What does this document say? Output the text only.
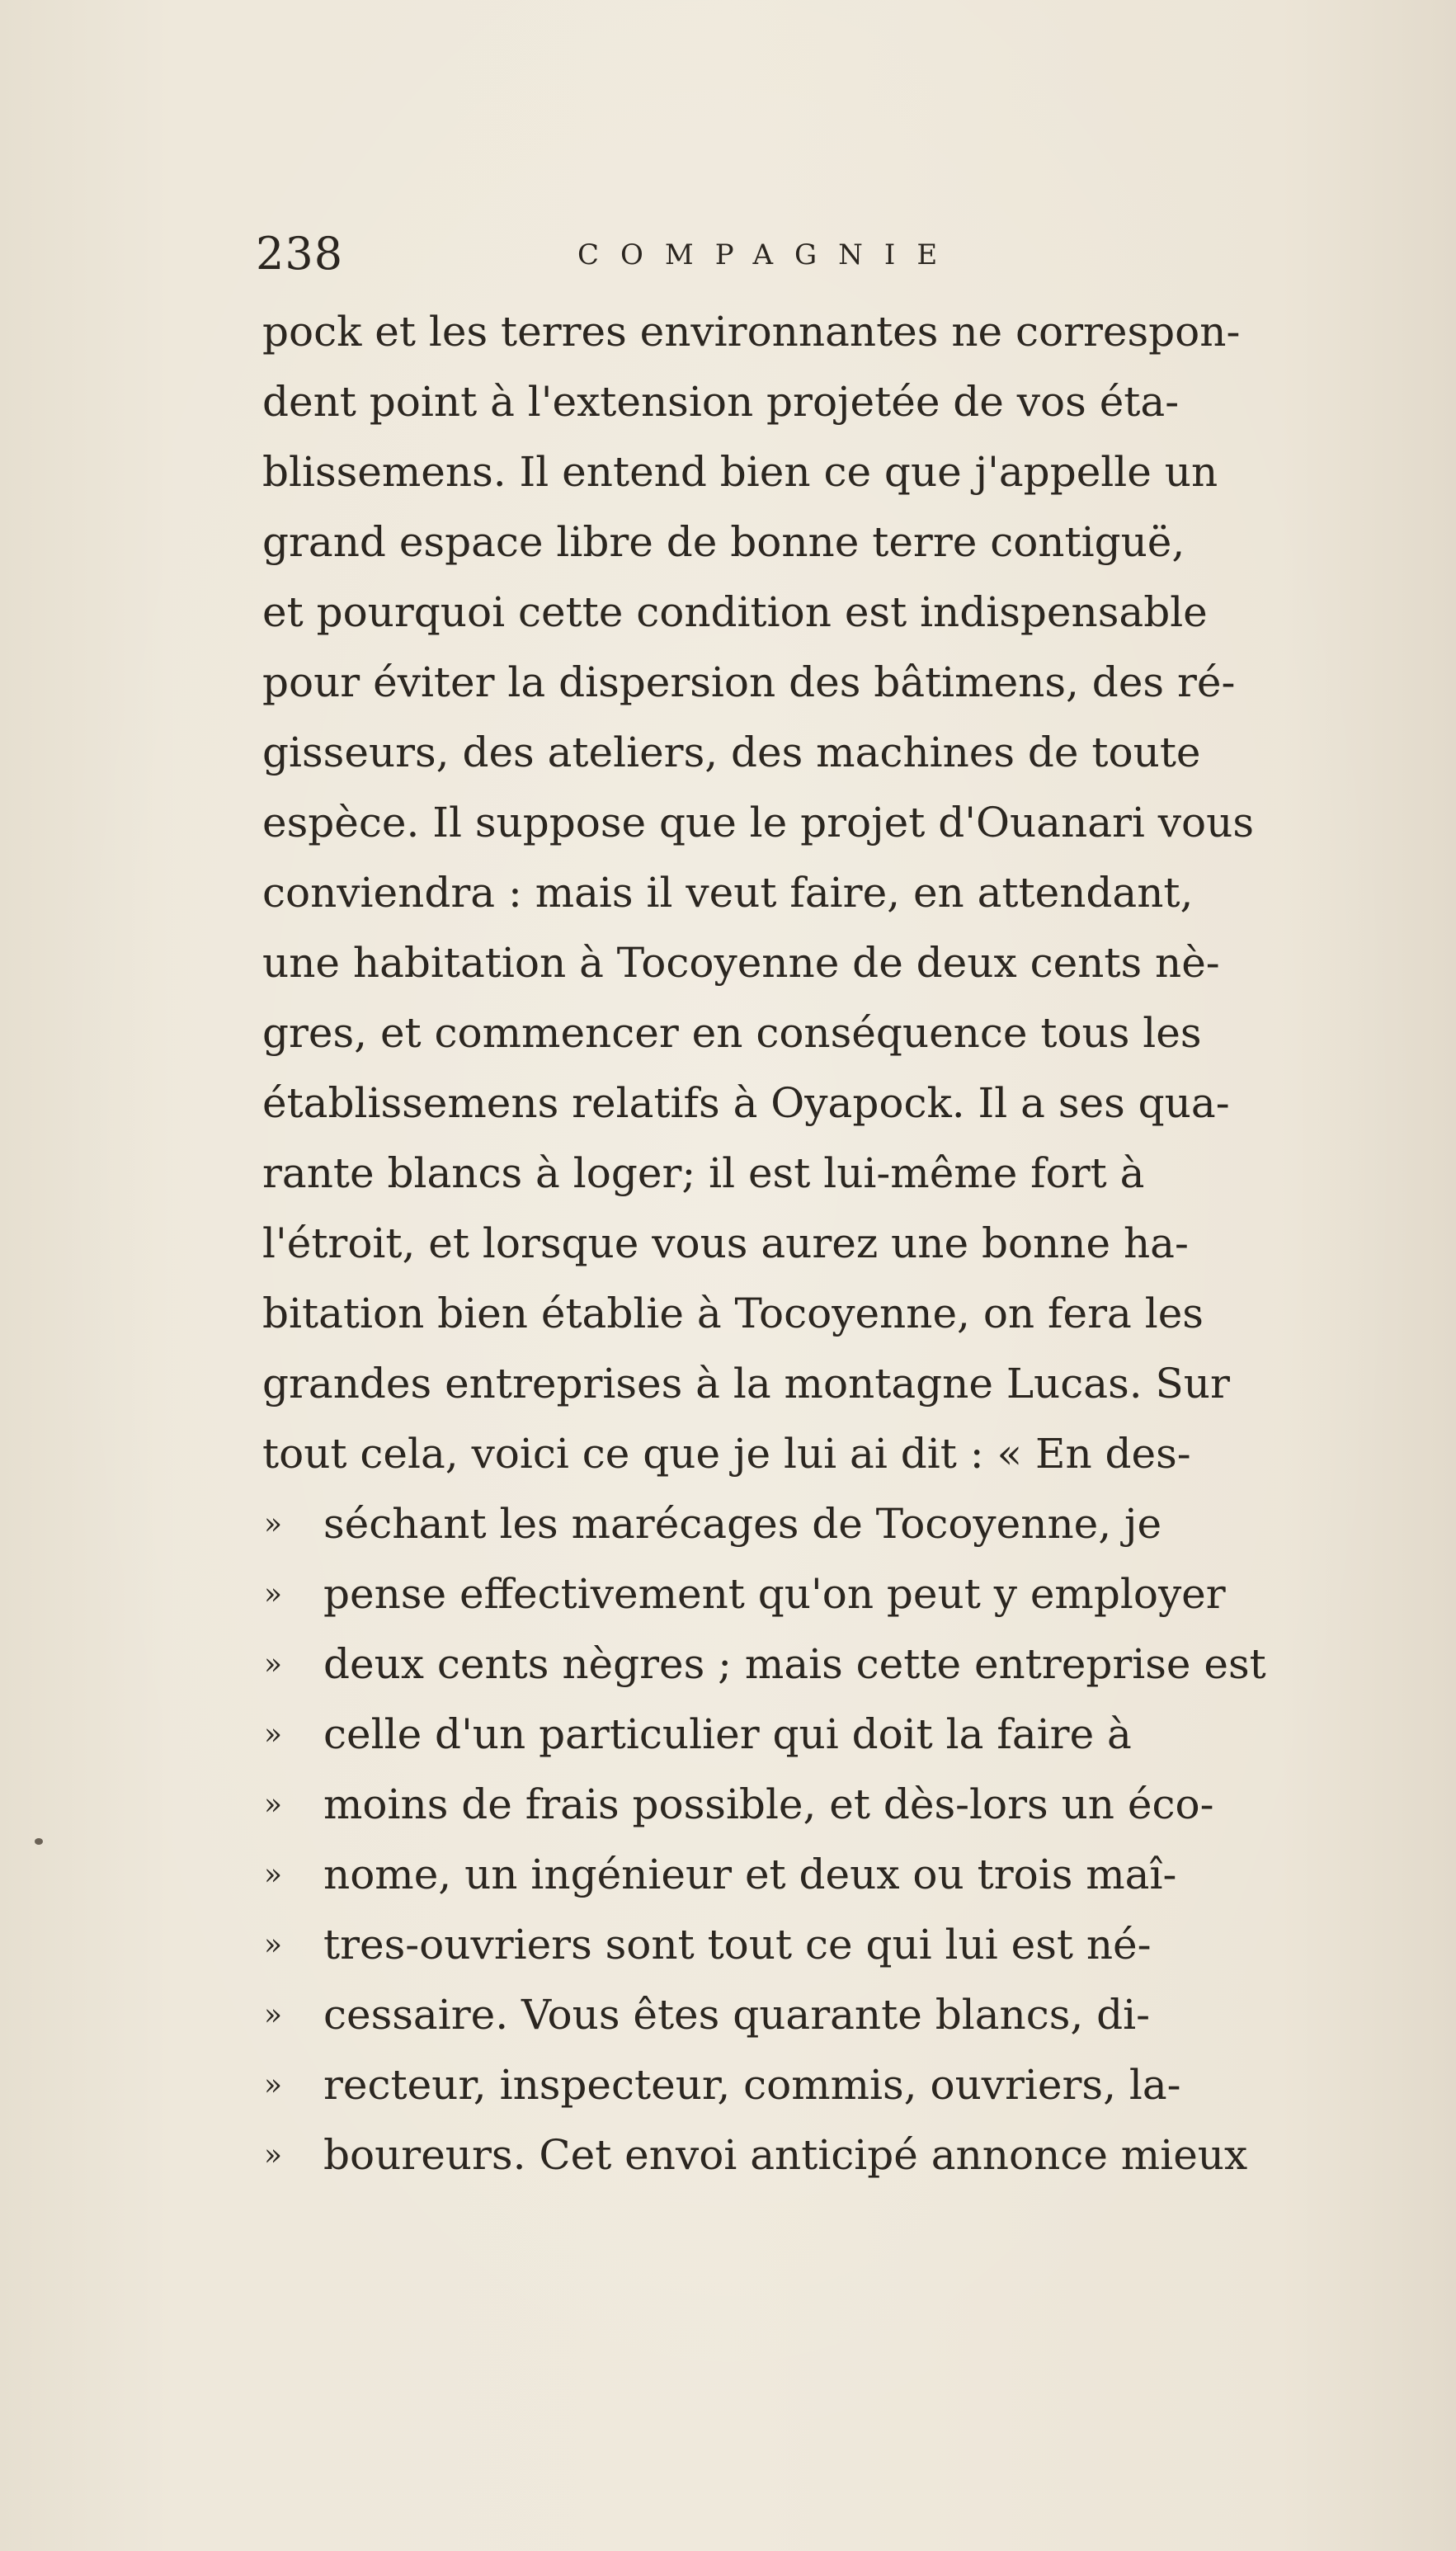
238	COMPAGNIE
pock et les terres environnantes ne correspon-
dent point à l'extension projetée de vos éta-
blissemens. Il entend bien ce que j'appelle un
grand espace libre de bonne terre contiguë,
et pourquoi cette condition est indispensable
pour éviter la dispersion des bâtimens, des ré-
gisseurs, des ateliers, des machines de toute
espèce. Il suppose que le projet d'Ouanari vous
conviendra : mais il veut faire, en attendant,
une habitation à Tocoyenne de deux cents nè-
gres, et commencer en conséquence tous les
établissemens relatifs à Oyapock. Il a ses qua-
rante blancs à loger; il est lui-même fort à
l'étroit, et lorsque vous aurez une bonne ha-
bitation bien établie à Tocoyenne, on fera les
grandes entreprises à la montagne Lucas. Sur
tout cela, voici ce que je lui ai dit : « En des-
» séchant les marécages de Tocoyenne, je
» pense effectivement qu'on peut y employer
» deux cents nègres ; mais cette entreprise est
» celle d'un particulier qui doit la faire à
» moins de frais possible, et dès-lors un éco-
» nome, un ingénieur et deux ou trois maî-
» tres-ouvriers sont tout ce qui lui est né-
» cessaire. Vous êtes quarante blancs, di-
» recteur, inspecteur, commis, ouvriers, la-
» boureurs. Cet envoi anticipé annonce mieux
